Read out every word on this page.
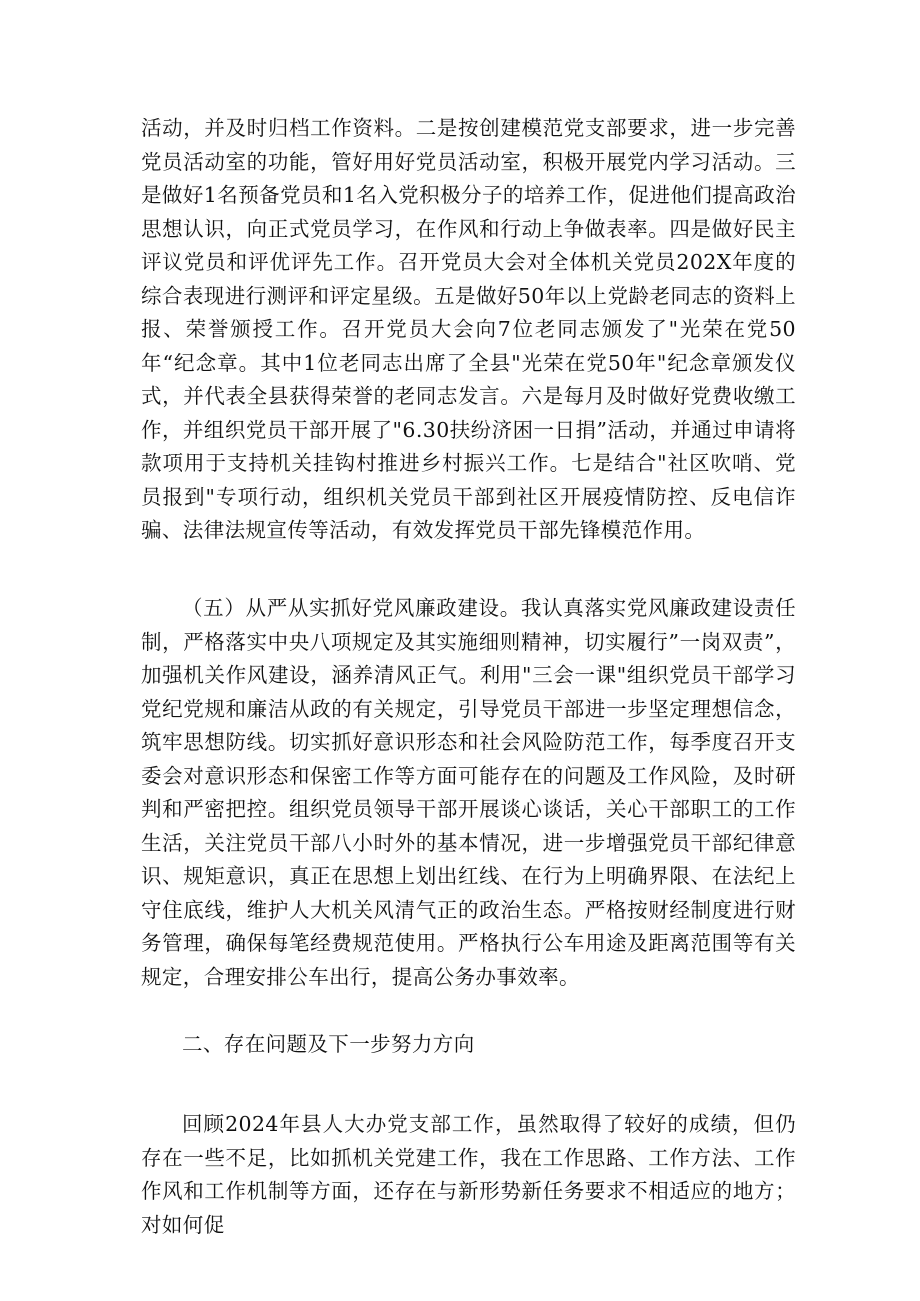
活动，并及时归档工作资料。二是按创建模范党支部要求，进一步完善党员活动室的功能，管好用好党员活动室，积极开展党内学习活动。三是做好1名预备党员和1名入党积极分子的培养工作，促进他们提高政治思想认识，向正式党员学习，在作风和行动上争做表率。四是做好民主评议党员和评优评先工作。召开党员大会对全体机关党员202X年度的综合表现进行测评和评定星级。五是做好50年以上党龄老同志的资料上报、荣誉颁授工作。召开党员大会向7位老同志颁发了"光荣在党50年“纪念章。其中1位老同志出席了全县"光荣在党50年"纪念章颁发仪式，并代表全县获得荣誉的老同志发言。六是每月及时做好党费收缴工作，并组织党员干部开展了"6.30扶纷济困一日捐”活动，并通过申请将款项用于支持机关挂钩村推进乡村振兴工作。七是结合"社区吹哨、党员报到"专项行动，组织机关党员干部到社区开展疫情防控、反电信诈骗、法律法规宣传等活动，有效发挥党员干部先锋模范作用。

（五）从严从实抓好党风廉政建设。我认真落实党风廉政建设责任制，严格落实中央八项规定及其实施细则精神，切实履行”一岗双责”，加强机关作风建设，涵养清风正气。利用"三会一课"组织党员干部学习党纪党规和廉洁从政的有关规定，引导党员干部进一步坚定理想信念，筑牢思想防线。切实抓好意识形态和社会风险防范工作，每季度召开支委会对意识形态和保密工作等方面可能存在的问题及工作风险，及时研判和严密把控。组织党员领导干部开展谈心谈话，关心干部职工的工作生活，关注党员干部八小时外的基本情况，进一步增强党员干部纪律意识、规矩意识，真正在思想上划出红线、在行为上明确界限、在法纪上守住底线，维护人大机关风清气正的政治生态。严格按财经制度进行财务管理，确保每笔经费规范使用。严格执行公车用途及距离范围等有关规定，合理安排公车出行，提高公务办事效率。

二、存在问题及下一步努力方向

回顾2024年县人大办党支部工作，虽然取得了较好的成绩，但仍存在一些不足，比如抓机关党建工作，我在工作思路、工作方法、工作作风和工作机制等方面，还存在与新形势新任务要求不相适应的地方；对如何促
